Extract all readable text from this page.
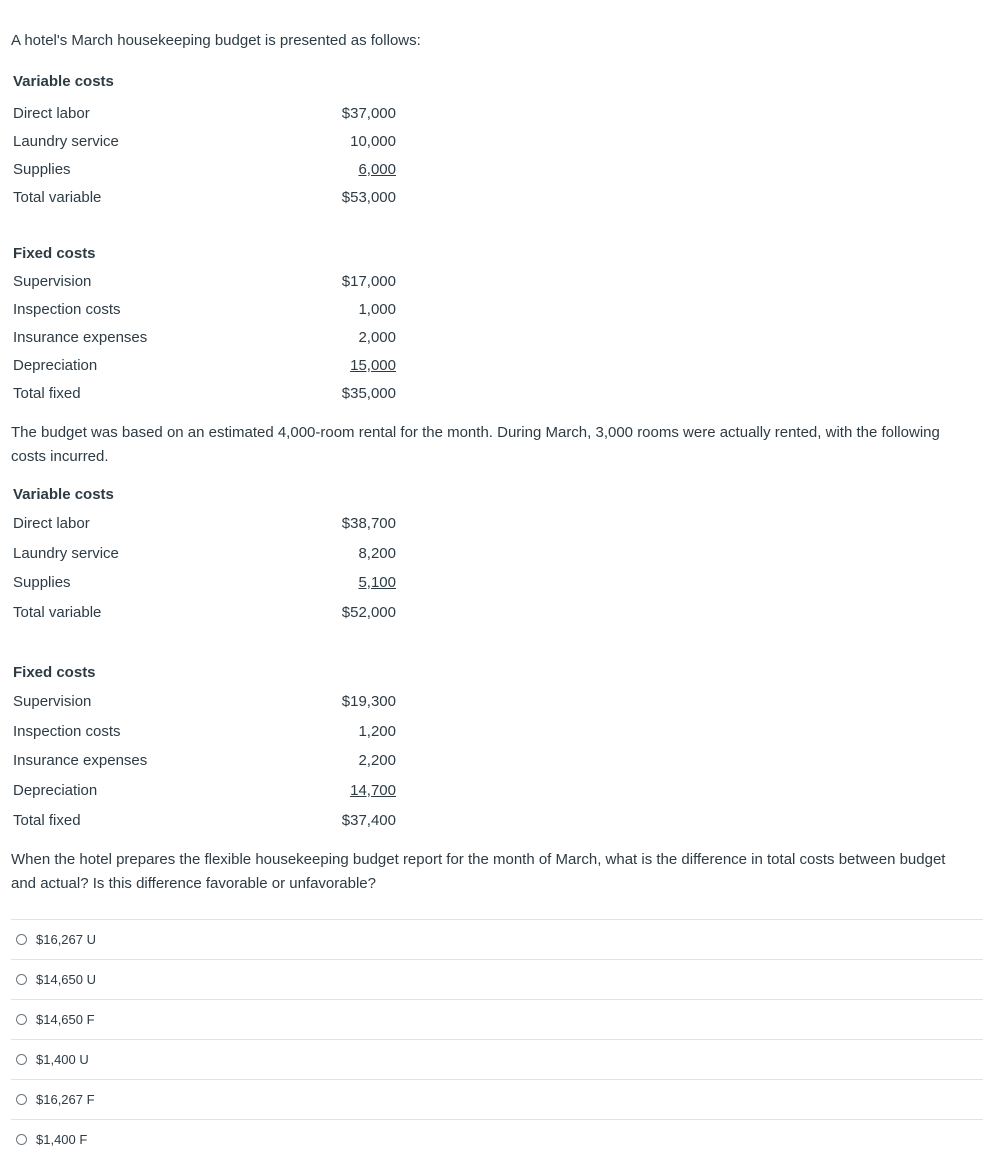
A hotel's March housekeeping budget is presented as follows:

Variable costs
Direct labor	$37,000
Laundry service	10,000
Supplies	6,000
Total variable	$53,000
Fixed costs
Supervision	$17,000
Inspection costs	1,000
Insurance expenses	2,000
Depreciation	15,000
Total fixed	$35,000

The budget was based on an estimated 4,000-room rental for the month. During March, 3,000 rooms were actually rented, with the following costs incurred.

Variable costs
Direct labor	$38,700
Laundry service	8,200
Supplies	5,100
Total variable	$52,000
Fixed costs
Supervision	$19,300
Inspection costs	1,200
Insurance expenses	2,200
Depreciation	14,700
Total fixed	$37,400

When the hotel prepares the flexible housekeeping budget report for the month of March, what is the difference in total costs between budget and actual? Is this difference favorable or unfavorable?

$16,267 U
$14,650 U
$14,650 F
$1,400 U
$16,267 F
$1,400 F
